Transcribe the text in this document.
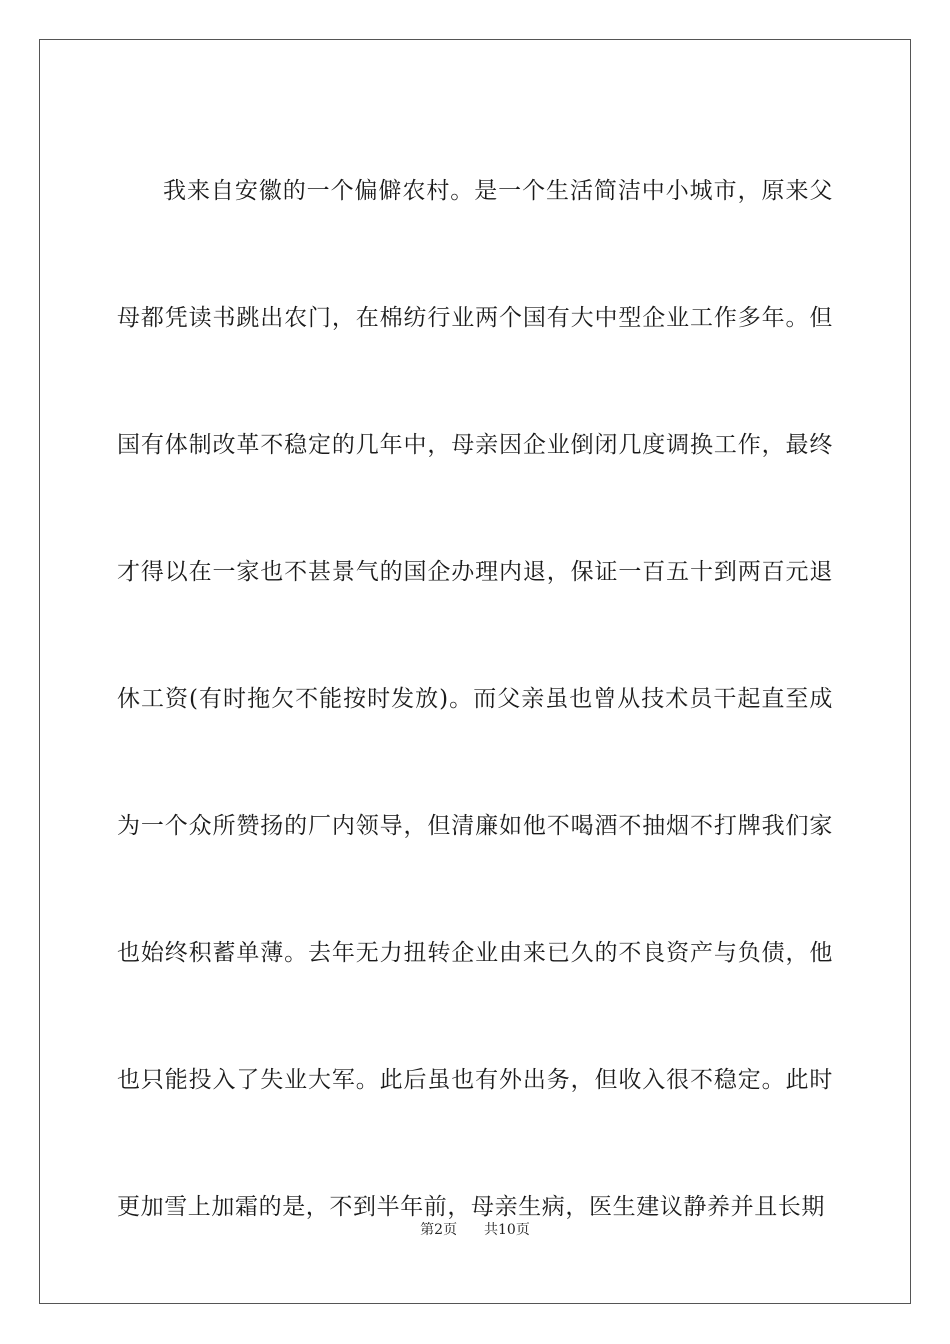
我来自安徽的一个偏僻农村。是一个生活简洁中小城市，原来父母都凭读书跳出农门，在棉纺行业两个国有大中型企业工作多年。但国有体制改革不稳定的几年中，母亲因企业倒闭几度调换工作，最终才得以在一家也不甚景气的国企办理内退，保证一百五十到两百元退休工资(有时拖欠不能按时发放)。而父亲虽也曾从技术员干起直至成为一个众所赞扬的厂内领导，但清廉如他不喝酒不抽烟不打牌我们家也始终积蓄单薄。去年无力扭转企业由来已久的不良资产与负债，他也只能投入了失业大军。此后虽也有外出务，但收入很不稳定。此时更加雪上加霜的是，不到半年前，母亲生病，医生建议静养并且长期

第2页 共10页
